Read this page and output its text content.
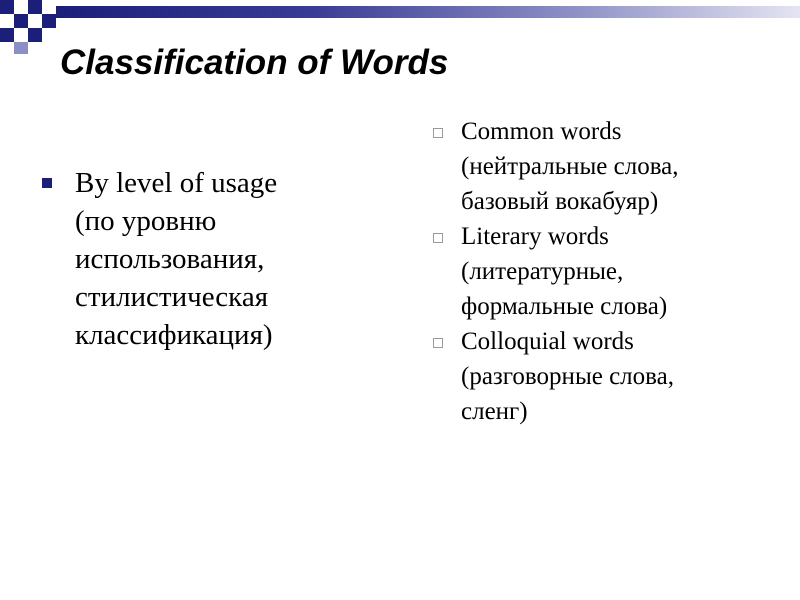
Classification of Words
By level of usage
(по уровню
использования,
стилистическая
классификация)
Common words
(нейтральные слова,
базовый вокабуяр)
Literary words
(литературные,
формальные слова)
Colloquial words
(разговорные слова,
сленг)
